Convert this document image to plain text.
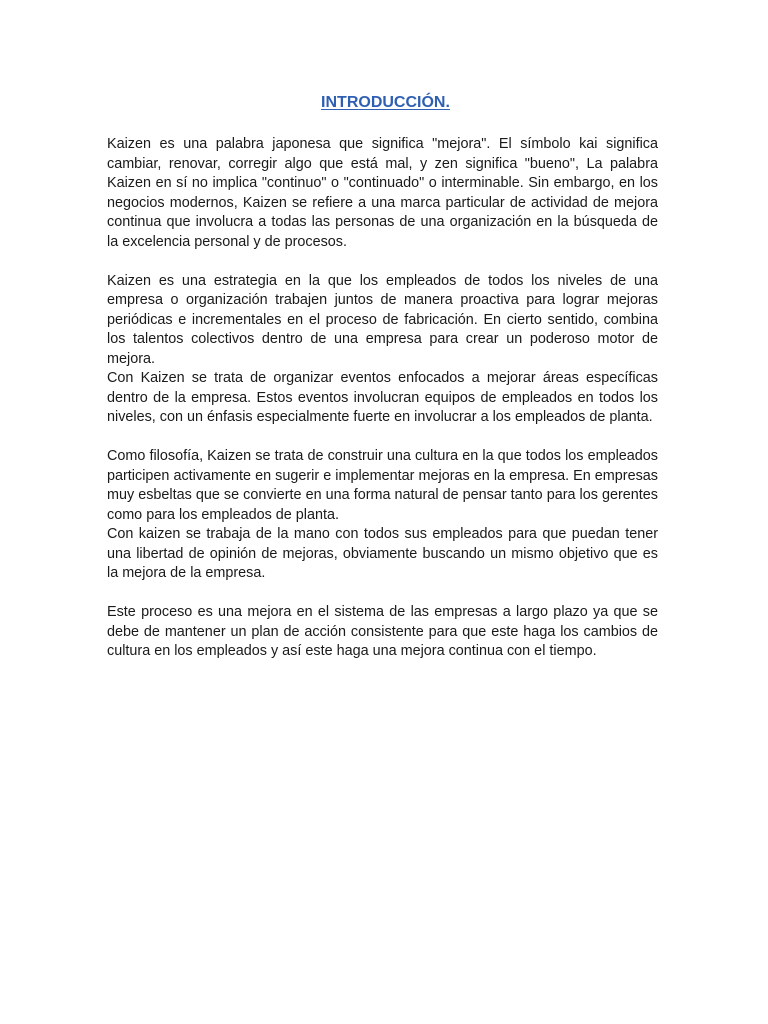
INTRODUCCIÓN.

Kaizen es una palabra japonesa que significa "mejora". El símbolo kai significa cambiar, renovar, corregir algo que está mal, y zen significa "bueno", La palabra Kaizen en sí no implica "continuo" o "continuado" o interminable. Sin embargo, en los negocios modernos, Kaizen se refiere a una marca particular de actividad de mejora continua que involucra a todas las personas de una organización en la búsqueda de la excelencia personal y de procesos.

Kaizen es una estrategia en la que los empleados de todos los niveles de una empresa o organización trabajen juntos de manera proactiva para lograr mejoras periódicas e incrementales en el proceso de fabricación. En cierto sentido, combina los talentos colectivos dentro de una empresa para crear un poderoso motor de mejora.

Con Kaizen se trata de organizar eventos enfocados a mejorar áreas específicas dentro de la empresa. Estos eventos involucran equipos de empleados en todos los niveles, con un énfasis especialmente fuerte en involucrar a los empleados de planta.

Como filosofía, Kaizen se trata de construir una cultura en la que todos los empleados participen activamente en sugerir e implementar mejoras en la empresa. En empresas muy esbeltas que se convierte en una forma natural de pensar tanto para los gerentes como para los empleados de planta.

Con kaizen se trabaja de la mano con todos sus empleados para que puedan tener una libertad de opinión de mejoras, obviamente buscando un mismo objetivo que es la mejora de la empresa.

Este proceso es una mejora en el sistema de las empresas a largo plazo ya que se debe de mantener un plan de acción consistente para que este haga los cambios de cultura en los empleados y así este haga una mejora continua con el tiempo.
